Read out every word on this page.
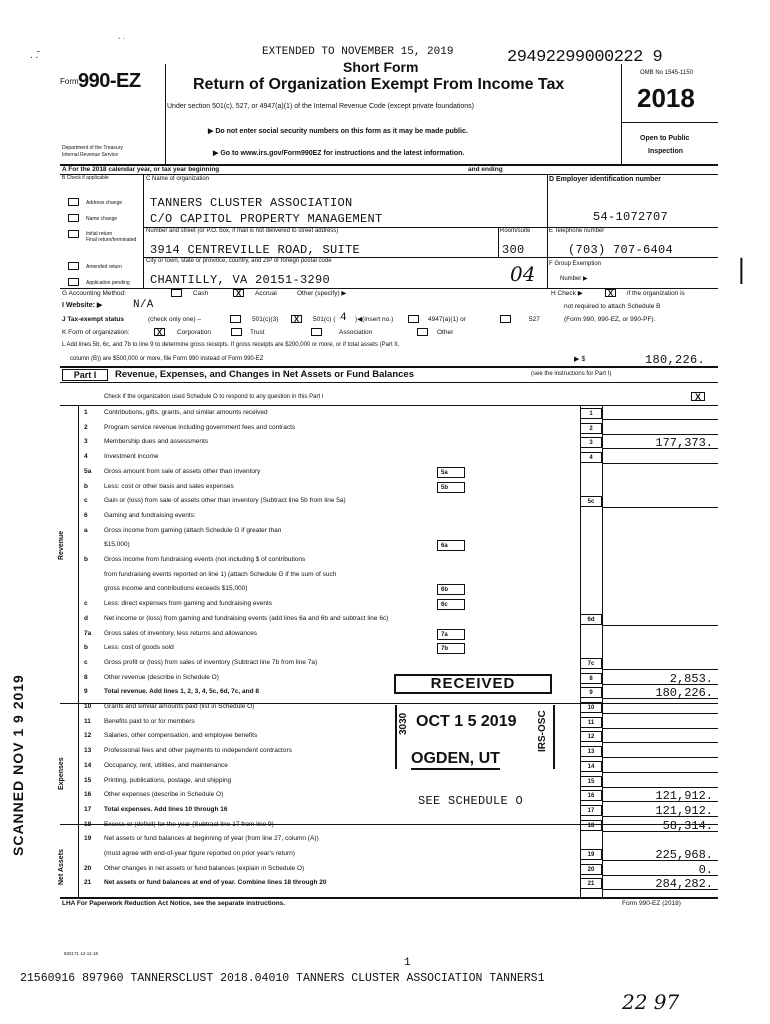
. .̄
` ˙
EXTENDED TO NOVEMBER 15, 2019	29492299000222 9
OMB No 1545-1150
Form 990-EZ
Short Form
Return of Organization Exempt From Income Tax
Under section 501(c), 527, or 4947(a)(1) of the Internal Revenue Code (except private foundations)
▶ Do not enter social security numbers on this form as it may be made public.
▶ Go to www.irs.gov/Form990EZ for instructions and the latest information.
Department of the Treasury
Internal Revenue Service
2018
Open to Public
Inspection
A For the 2018 calendar year, or tax year beginning	and ending
B Check if applicable
Address change
Name change
Initial return
Final return/terminated
Amended return
Application pending
C Name of organization
TANNERS CLUSTER ASSOCIATION
C/O CAPITOL PROPERTY MANAGEMENT
Number and street (or P.O. box, if mail is not delivered to street address)	Room/suite
3914 CENTREVILLE ROAD, SUITE	300
City or town, state or province, country, and ZIP or foreign postal code
CHANTILLY, VA 20151-3290	04
D Employer identification number
54-1072707
E Telephone number
(703) 707-6404
F Group Exemption
Number ▶
G Accounting Method:	Cash	X	Accrual	Other (specify) ▶	H Check ▶	X	if the organization is
not required to attach Schedule B
(Form 990, 990-EZ, or 990-PF).
I Website: ▶	N/A
J Tax-exempt status	(check only one) –	501(c)(3)	X	501(c) ( 4 )◀(insert no.)	4947(a)(1) or	527
K Form of organization:	X	Corporation	Trust	Association	Other
L Add lines 5b, 6c, and 7b to line 9 to determine gross receipts. If gross receipts are $200,000 or more, or if total assets (Part II,
column (B)) are $500,000 or more, file Form 990 instead of Form 990-EZ	▶ $	180,226.
Part I	Revenue, Expenses, and Changes in Net Assets or Fund Balances	(see the instructions for Part I)
Check if the organization used Schedule O to respond to any question in this Part I	X
Revenue
Expenses
Net Assets
1	Contributions, gifts, grants, and similar amounts received	1
2	Program service revenue including government fees and contracts	2
3	Membership dues and assessments	3	177,373.
4	Investment income	4
5a Gross amount from sale of assets other than inventory	5a
b Less: cost or other basis and sales expenses	5b
c	Gain or (loss) from sale of assets other than inventory (Subtract line 5b from line 5a)	5c
6	Gaming and fundraising events:
a	Gross income from gaming (attach Schedule G if greater than
$15,000)	6a
b Gross income from fundraising events (not including $ of contributions
from fundraising events reported on line 1) (attach Schedule G if the sum of such
gross income and contributions exceeds $15,000)	6b
c	Less: direct expenses from gaming and fundraising events	6c
d Net income or (loss) from gaming and fundraising events (add lines 6a and 6b and subtract line 6c)	6d
7a Gross sales of inventory, less returns and allowances	7a
b Less: cost of goods sold	7b
c	Gross profit or (loss) from sales of inventory (Subtract line 7b from line 7a)	7c
8	Other revenue (describe in Schedule O)	8	2,853.
9	Total revenue. Add lines 1, 2, 3, 4, 5c, 6d, 7c, and 8	9	180,226.
10 Grants and similar amounts paid (list in Schedule O)	10
11 Benefits paid to or for members	11
12 Salaries, other compensation, and employee benefits	12
13 Professional fees and other payments to independent contractors	13
14 Occupancy, rent, utilities, and maintenance	14
15 Printing, publications, postage, and shipping	15
16 Other expenses (describe in Schedule O)	16	121,912.
17 Total expenses. Add lines 10 through 16	17	121,912.
18 Excess or (deficit) for the year (Subtract line 17 from line 9)	18	58,314.
19 Net assets or fund balances at beginning of year (from line 27, column (A))
(must agree with end-of-year figure reported on prior year's return)	19	225,968.
20 Other changes in net assets or fund balances (explain in Schedule O)	20	0.
21 Net assets or fund balances at end of year. Combine lines 18 through 20	21	284,282.
SEE SCHEDULE O
RECEIVED
OCT 1 5 2019
OGDEN, UT
3030	IRS-OSC
SCANNED NOV 1 9 2019
LHA For Paperwork Reduction Act Notice, see the separate instructions.	Form 990-EZ (2018)
832171 12-11-18
1
21560916 897960 TANNERSCLUST 2018.04010 TANNERS CLUSTER ASSOCIATION TANNERS1
22 97
|
